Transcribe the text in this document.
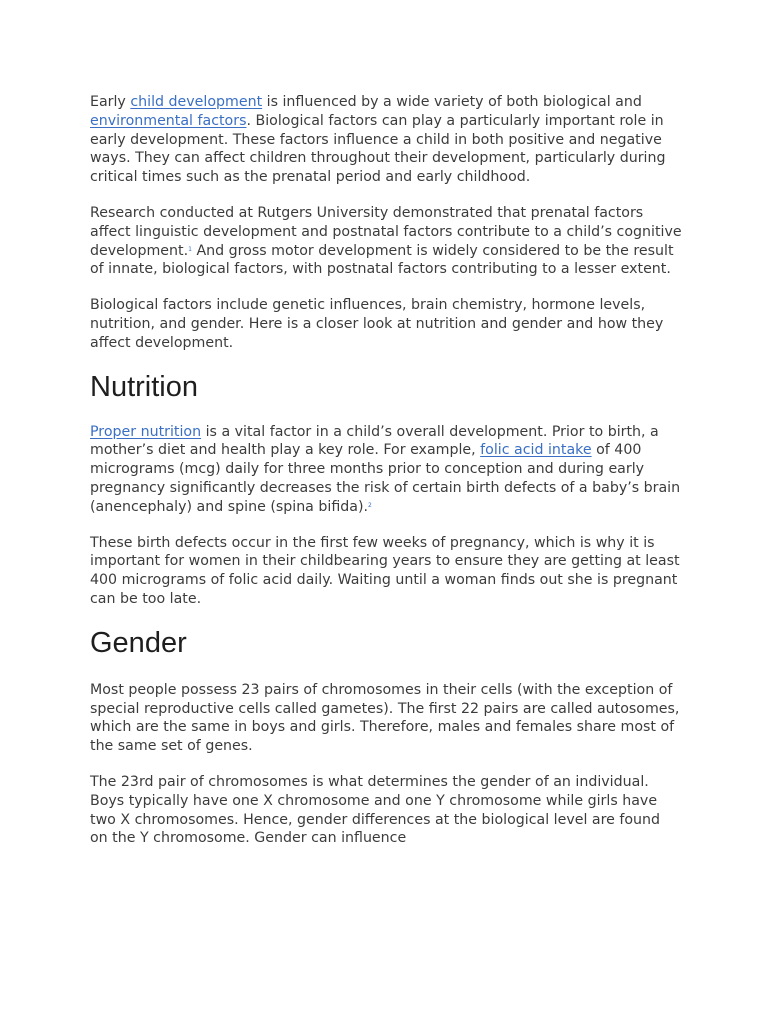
Early child development is influenced by a wide variety of both biological and environmental factors. Biological factors can play a particularly important role in early development. These factors influence a child in both positive and negative ways. They can affect children throughout their development, particularly during critical times such as the prenatal period and early childhood.

Research conducted at Rutgers University demonstrated that prenatal factors affect linguistic development and postnatal factors contribute to a child’s cognitive development.$^1$ And gross motor development is widely considered to be the result of innate, biological factors, with postnatal factors contributing to a lesser extent.

Biological factors include genetic influences, brain chemistry, hormone levels, nutrition, and gender. Here is a closer look at nutrition and gender and how they affect development.

Nutrition

Proper nutrition is a vital factor in a child’s overall development. Prior to birth, a mother’s diet and health play a key role. For example, folic acid intake of 400 micrograms (mcg) daily for three months prior to conception and during early pregnancy significantly decreases the risk of certain birth defects of a baby’s brain (anencephaly) and spine (spina bifida).$^2$

These birth defects occur in the first few weeks of pregnancy, which is why it is important for women in their childbearing years to ensure they are getting at least 400 micrograms of folic acid daily. Waiting until a woman finds out she is pregnant can be too late.

Gender

Most people possess 23 pairs of chromosomes in their cells (with the exception of special reproductive cells called gametes). The first 22 pairs are called autosomes, which are the same in boys and girls. Therefore, males and females share most of the same set of genes.

The 23rd pair of chromosomes is what determines the gender of an individual. Boys typically have one X chromosome and one Y chromosome while girls have two X chromosomes. Hence, gender differences at the biological level are found on the Y chromosome. Gender can influence
